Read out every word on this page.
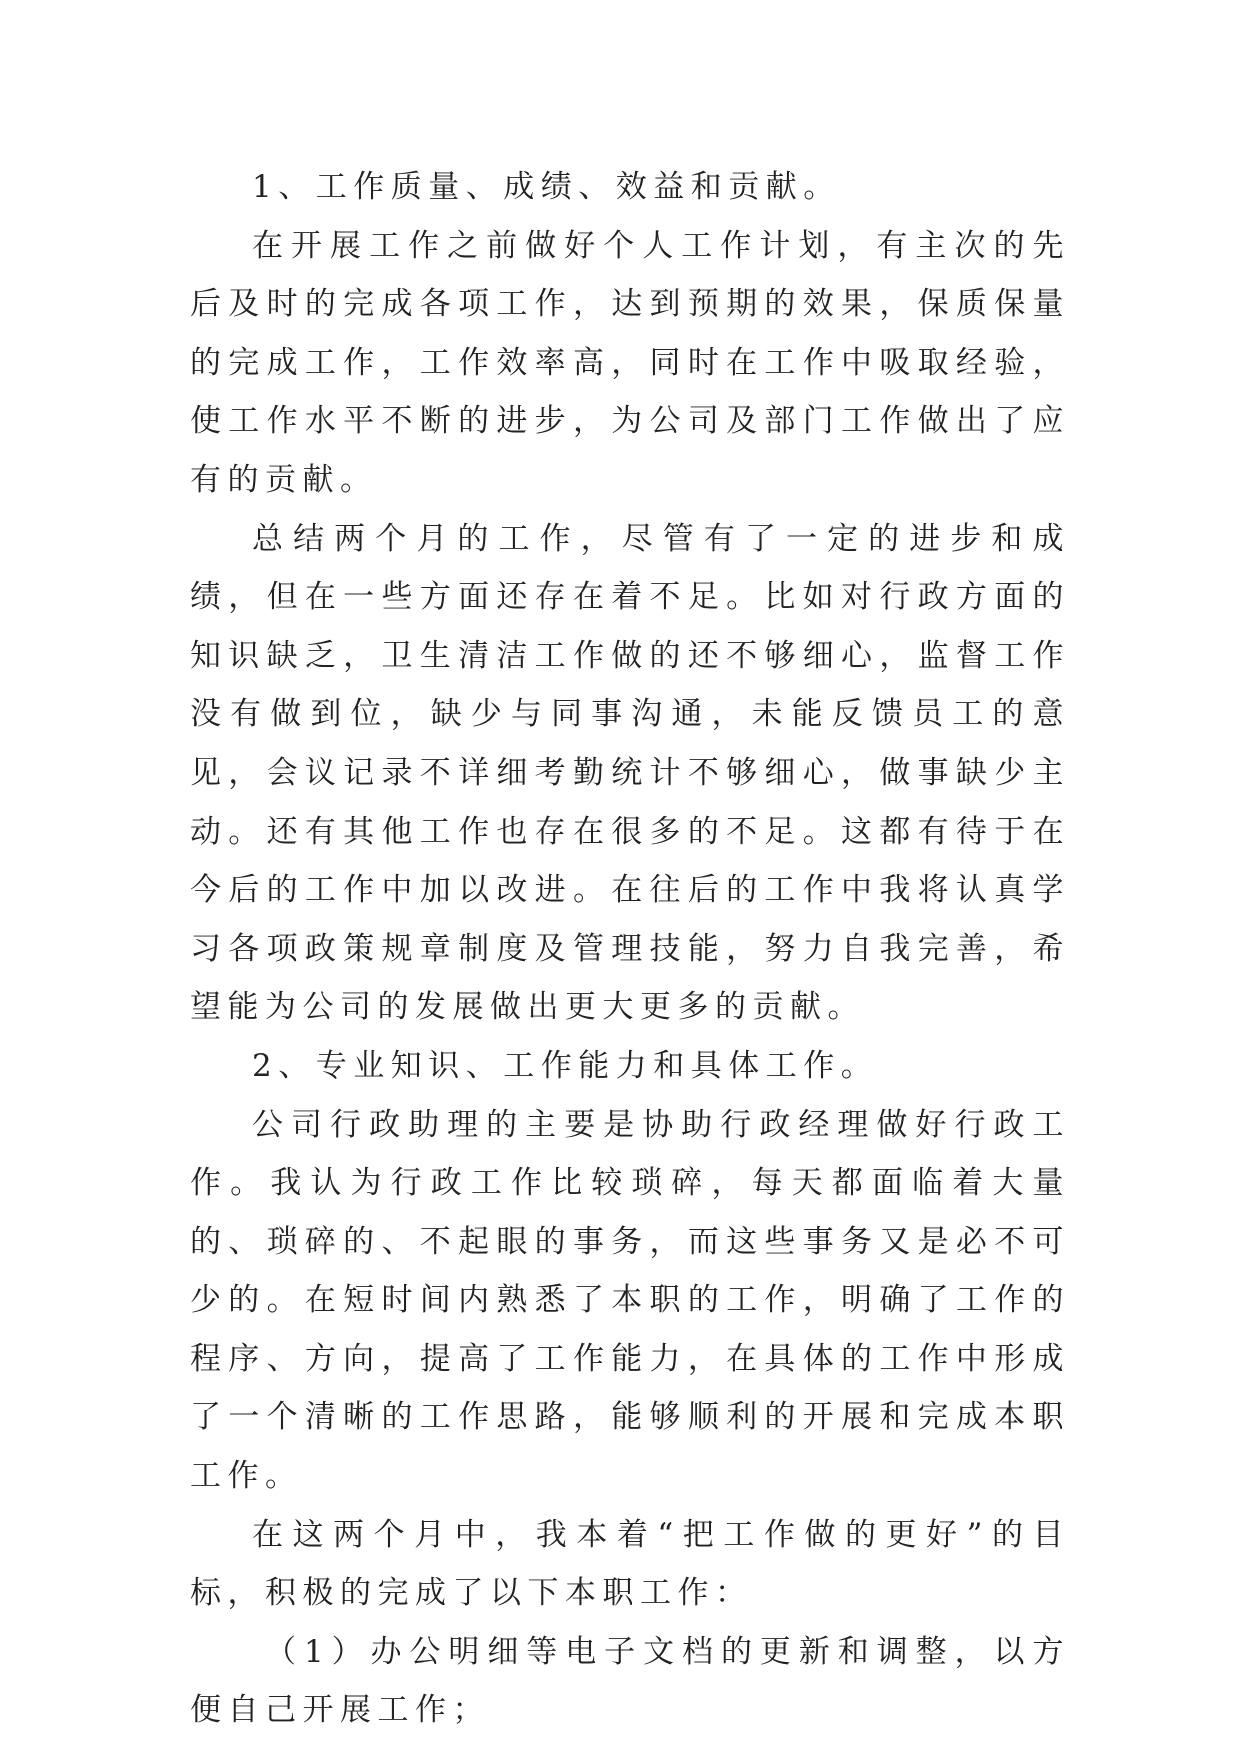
1、工作质量、成绩、效益和贡献。

在开展工作之前做好个人工作计划，有主次的先后及时的完成各项工作，达到预期的效果，保质保量的完成工作，工作效率高，同时在工作中吸取经验，使工作水平不断的进步，为公司及部门工作做出了应有的贡献。

总结两个月的工作，尽管有了一定的进步和成绩，但在一些方面还存在着不足。比如对行政方面的知识缺乏，卫生清洁工作做的还不够细心，监督工作没有做到位，缺少与同事沟通，未能反馈员工的意见，会议记录不详细考勤统计不够细心，做事缺少主动。还有其他工作也存在很多的不足。这都有待于在今后的工作中加以改进。在往后的工作中我将认真学习各项政策规章制度及管理技能，努力自我完善，希望能为公司的发展做出更大更多的贡献。

2、专业知识、工作能力和具体工作。

公司行政助理的主要是协助行政经理做好行政工作。我认为行政工作比较琐碎，每天都面临着大量的、琐碎的、不起眼的事务，而这些事务又是必不可少的。在短时间内熟悉了本职的工作，明确了工作的程序、方向，提高了工作能力，在具体的工作中形成了一个清晰的工作思路，能够顺利的开展和完成本职工作。

在这两个月中，我本着“把工作做的更好”的目标，积极的完成了以下本职工作：

（1）办公明细等电子文档的更新和调整，以方便自己开展工作；
